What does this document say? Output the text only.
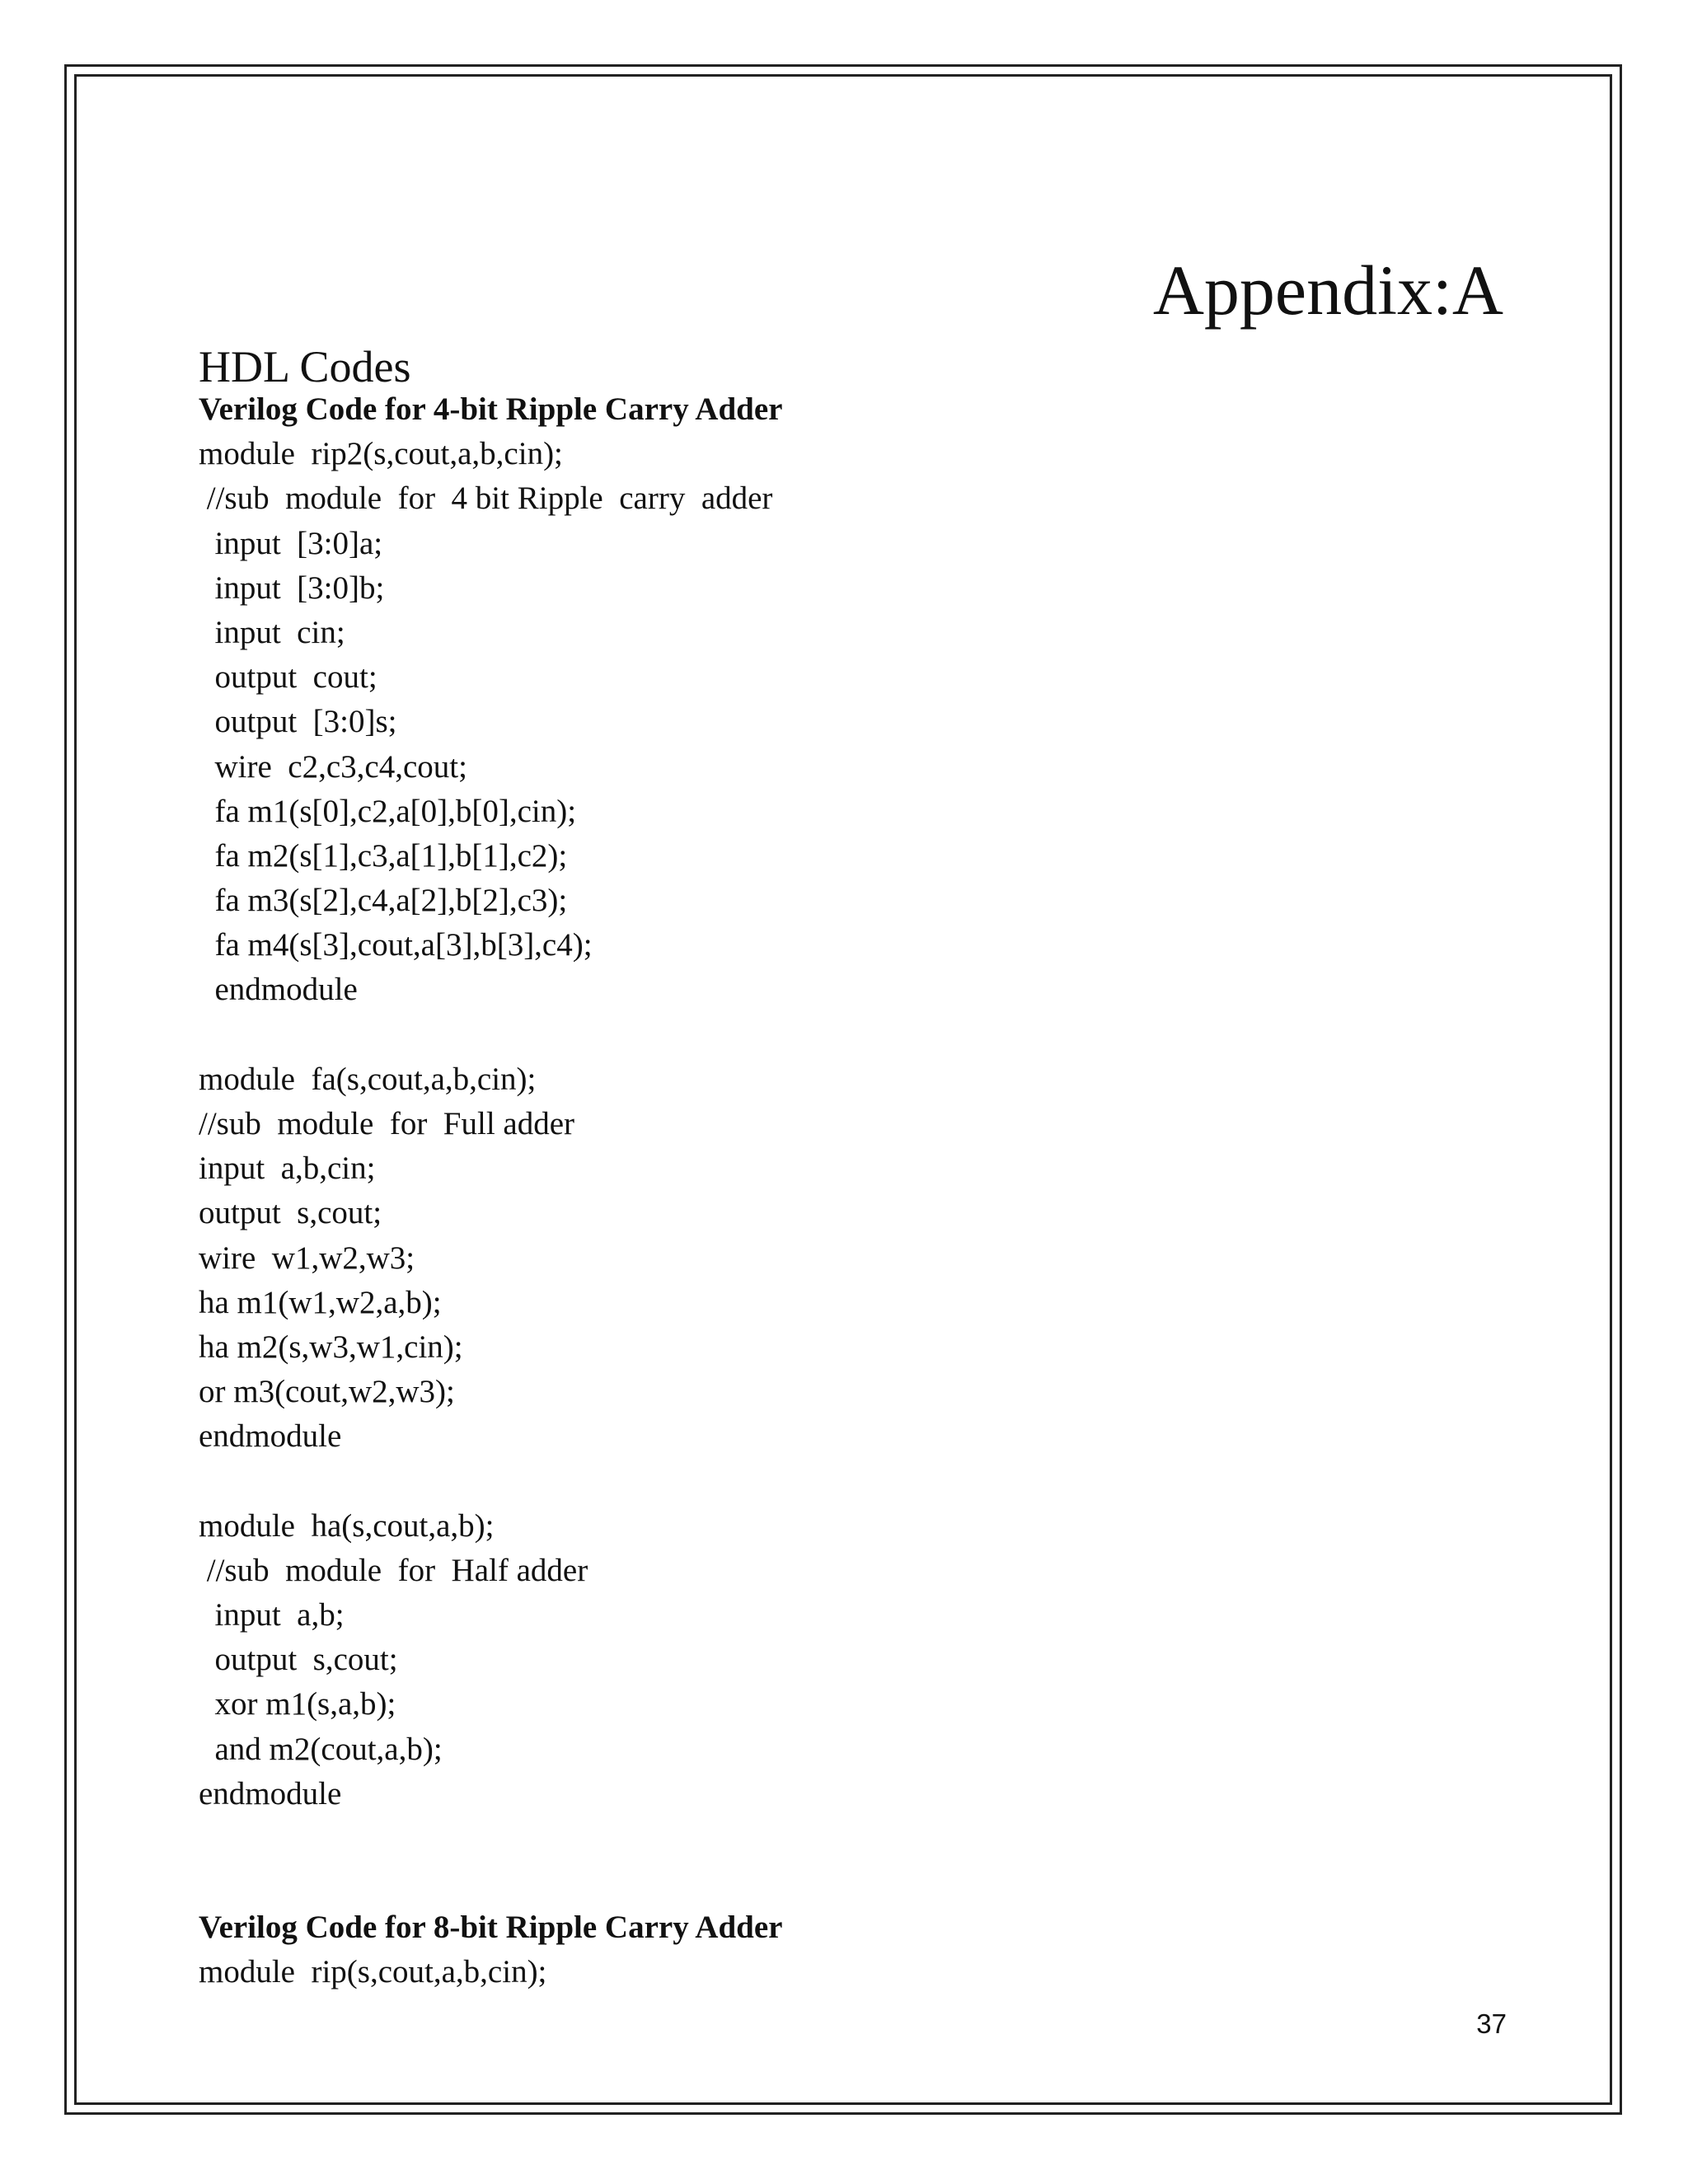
Appendix:A
HDL Codes
Verilog Code for 4-bit Ripple Carry Adder
module  rip2(s,cout,a,b,cin);
//sub  module  for  4 bit Ripple  carry  adder
input  [3:0]a;
input  [3:0]b;
input  cin;
output  cout;
output  [3:0]s;
wire  c2,c3,c4,cout;
fa m1(s[0],c2,a[0],b[0],cin);
fa m2(s[1],c3,a[1],b[1],c2);
fa m3(s[2],c4,a[2],b[2],c3);
fa m4(s[3],cout,a[3],b[3],c4);
endmodule
module  fa(s,cout,a,b,cin);
//sub  module  for  Full adder
input  a,b,cin;
output  s,cout;
wire  w1,w2,w3;
ha m1(w1,w2,a,b);
ha m2(s,w3,w1,cin);
or m3(cout,w2,w3);
endmodule
module  ha(s,cout,a,b);
//sub  module  for  Half adder
input  a,b;
output  s,cout;
xor m1(s,a,b);
and m2(cout,a,b);
endmodule
Verilog Code for 8-bit Ripple Carry Adder
module  rip(s,cout,a,b,cin);
37
